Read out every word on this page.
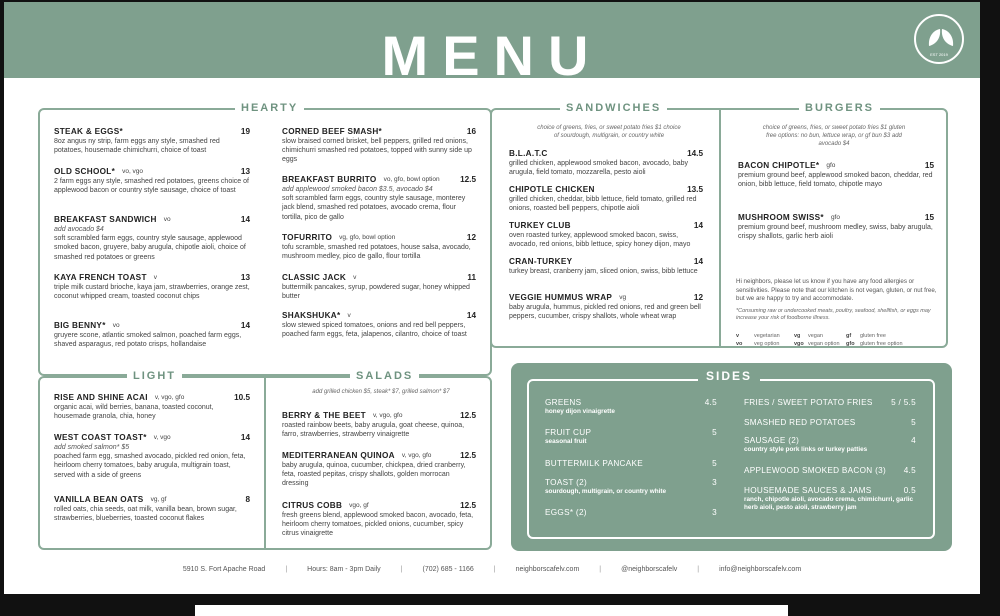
MENU	EST 2019
HEARTY
STEAK & EGGS*	19
8oz angus ny strip, farm eggs any style, smashed red potatoes, housemade chimichurri, choice of toast
OLD SCHOOL* vo, vgo	13
2 farm eggs any style, smashed red potatoes, greens choice of applewood bacon or country style sausage, choice of toast
BREAKFAST SANDWICH vo	14
add avocado $4
soft scrambled farm eggs, country style sausage, applewood smoked bacon, gruyere, baby arugula, chipotle aioli, choice of smashed red potatoes or greens
KAYA FRENCH TOAST v	13
triple milk custard brioche, kaya jam, strawberries, orange zest, coconut whipped cream, toasted coconut chips
BIG BENNY* vo	14
gruyere scone, atlantic smoked salmon, poached farm eggs, shaved asparagus, red potato crisps, hollandaise
CORNED BEEF SMASH*	16
slow braised corned brisket, bell peppers, grilled red onions, chimichurri smashed red potatoes, topped with sunny side up eggs
BREAKFAST BURRITO vo, gfo, bowl option 12.5
add applewood smoked bacon $3.5, avocado $4
soft scrambled farm eggs, country style sausage, monterey jack blend, smashed red potatoes, avocado crema, flour tortilla, pico de gallo
TOFURRITO vg, gfo, bowl option	12
tofu scramble, smashed red potatoes, house salsa, avocado, mushroom medley, pico de gallo, flour tortilla
CLASSIC JACK v	11
buttermilk pancakes, syrup, powdered sugar, honey whipped butter
SHAKSHUKA* v	14
slow stewed spiced tomatoes, onions and red bell peppers, poached farm eggs, feta, jalapenos, cilantro, choice of toast
SANDWICHES	BURGERS
choice of greens, fries, or sweet potato fries $1 choice of sourdough, multigrain, or country white
choice of greens, fries, or sweet potato fries $1 gluten free options: no bun, lettuce wrap, or gf bun $3 add avocado $4
B.L.A.T.C	14.5
grilled chicken, applewood smoked bacon, avocado, baby arugula, field tomato, mozzarella, pesto aioli
CHIPOTLE CHICKEN	13.5
grilled chicken, cheddar, bibb lettuce, field tomato, grilled red onions, roasted bell peppers, chipotle aioli
TURKEY CLUB	14
oven roasted turkey, applewood smoked bacon, swiss, avocado, red onions, bibb lettuce, spicy honey dijon, mayo
CRAN-TURKEY	14
turkey breast, cranberry jam, sliced onion, swiss, bibb lettuce
VEGGIE HUMMUS WRAP vg	12
baby arugula, hummus, pickled red onions, red and green bell peppers, cucumber, crispy shallots, whole wheat wrap
BACON CHIPOTLE* gfo	15
premium ground beef, applewood smoked bacon, cheddar, red onion, bibb lettuce, field tomato, chipotle mayo
MUSHROOM SWISS* gfo	15
premium ground beef, mushroom medley, swiss, baby arugula, crispy shallots, garlic herb aioli
Hi neighbors, please let us know if you have any food allergies or sensitivities. Please note that our kitchen is not vegan, gluten, or nut free, but we are happy to try and accommodate.
*Consuming raw or undercooked meats, poultry, seafood, shellfish, or eggs may increase your risk of foodborne illness.
v	vegetarian	vg	vegan	gf	gluten free
vo	veg option	vgo vegan option	gfo gluten free option
LIGHT	SALADS
add grilled chicken $5, steak* $7, grilled salmon* $7
RISE AND SHINE ACAI v, vgo, gfo	10.5
organic acai, wild berries, banana, toasted coconut, housemade granola, chia, honey
WEST COAST TOAST* v, vgo	14
add smoked salmon* $5
poached farm egg, smashed avocado, pickled red onion, feta, heirloom cherry tomatoes, baby arugula, multigrain toast, served with a side of greens
VANILLA BEAN OATS vg, gf	8
rolled oats, chia seeds, oat milk, vanilla bean, brown sugar, strawberries, blueberries, toasted coconut flakes
BERRY & THE BEET v, vgo, gfo	12.5
roasted rainbow beets, baby arugula, goat cheese, quinoa, farro, strawberries, strawberry vinaigrette
MEDITERRANEAN QUINOA v, vgo, gfo	12.5
baby arugula, quinoa, cucumber, chickpea, dried cranberry, feta, roasted pepitas, crispy shallots, golden morrocan dressing
CITRUS COBB vgo, gf	12.5
fresh greens blend, applewood smoked bacon, avocado, feta, heirloom cherry tomatoes, pickled onions, cucumber, spicy citrus vinaigrette
SIDES
GREENS	4.5
honey dijon vinaigrette
FRUIT CUP	5
seasonal fruit
BUTTERMILK PANCAKE	5
TOAST (2)	3
sourdough, multigrain, or country white
EGGS* (2)	3
FRIES / SWEET POTATO FRIES 5 / 5.5
SMASHED RED POTATOES	5
SAUSAGE (2)	4
country style pork links or turkey patties
APPLEWOOD SMOKED BACON (3) 4.5
HOUSEMADE SAUCES & JAMS	0.5
ranch, chipotle aioli, avocado crema, chimichurri, garlic herb aioli, pesto aioli, strawberry jam
5910 S. Fort Apache Road	|	Hours: 8am - 3pm Daily	|	(702) 685 - 1166	|	neighborscafelv.com	|	@neighborscafelv	|	info@neighborscafelv.com
